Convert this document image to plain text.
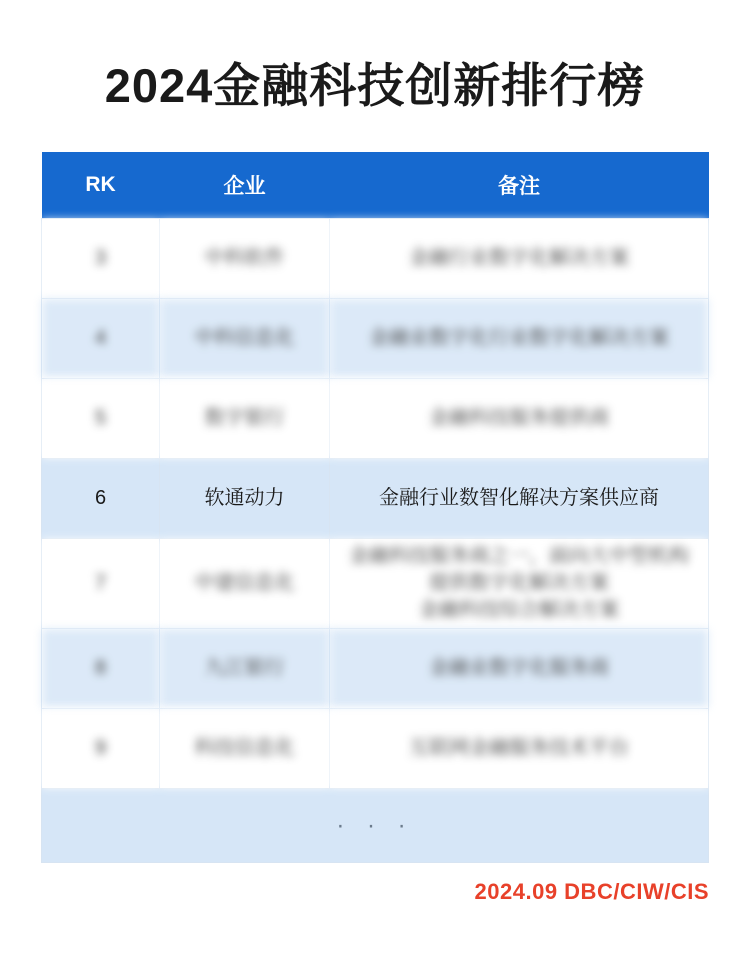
2024金融科技创新排行榜
RK	企业	备注
3	中科软件	金融行业数字化解决方案
4	中科信息化	金融业数字化行业数字化解决方案
5	数字银行	金融科技服务提供商
6	软通动力	金融行业数智化解决方案供应商
7	中建信息化	金融科技服务商之一，面向大中型机构提供数字化解决方案
金融科技综合解决方案

8	九江银行	金融业数字化服务商
9	科技信息化	互联网金融服务技术平台
· · ·		
2024.09 DBC/CIW/CIS
